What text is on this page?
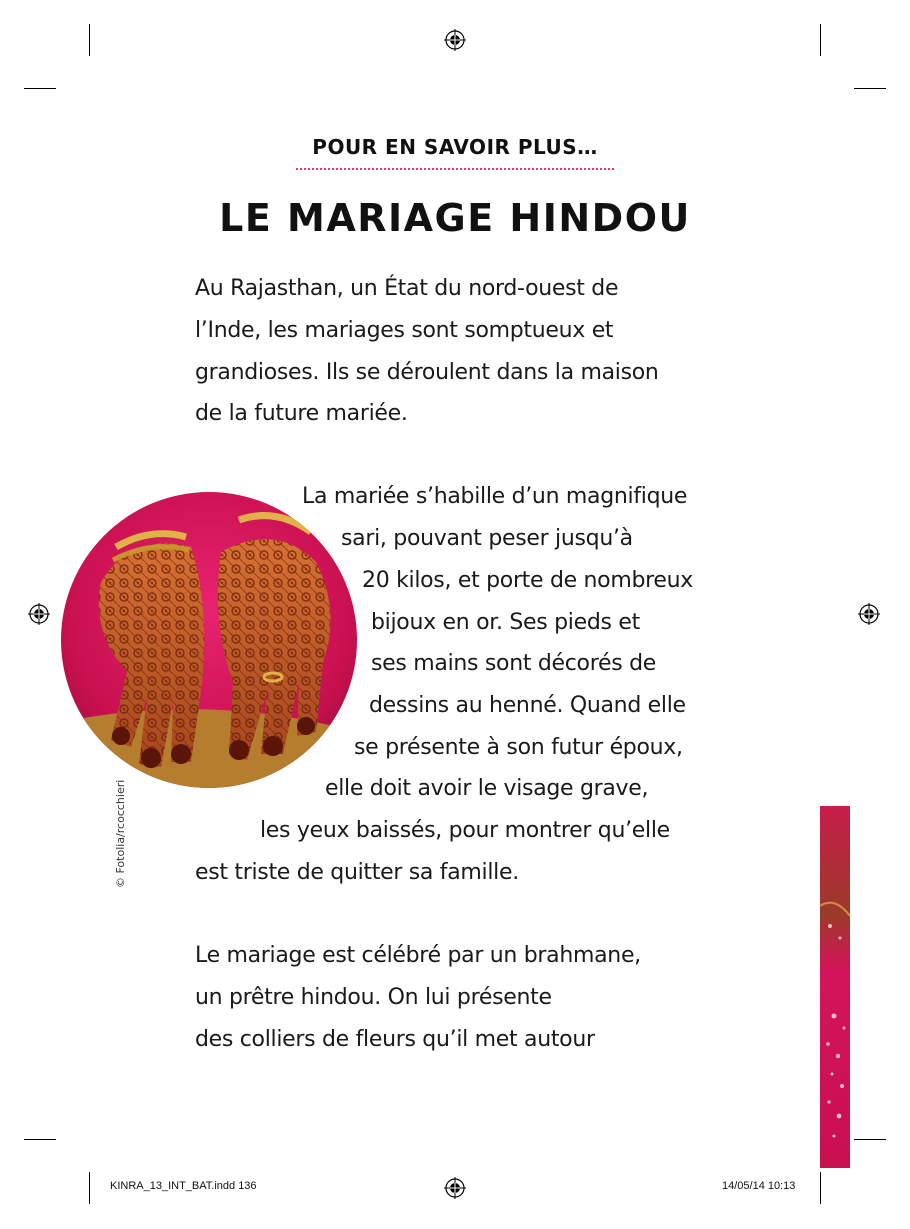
POUR EN SAVOIR PLUS…
LE MARIAGE HINDOU
Au Rajasthan, un État du nord-ouest de
l’Inde, les mariages sont somptueux et
grandioses. Ils se déroulent dans la maison
de la future mariée.
La mariée s’habille d’un magnifique
sari, pouvant peser jusqu’à
20 kilos, et porte de nombreux
bijoux en or. Ses pieds et
ses mains sont décorés de
dessins au henné. Quand elle
se présente à son futur époux,
elle doit avoir le visage grave,
les yeux baissés, pour montrer qu’elle
est triste de quitter sa famille.
Le mariage est célébré par un brahmane,
un prêtre hindou. On lui présente
des colliers de fleurs qu’il met autour
© Fotolia/rcocchieri
KINRA_13_INT_BAT.indd 136	14/05/14 10:13
